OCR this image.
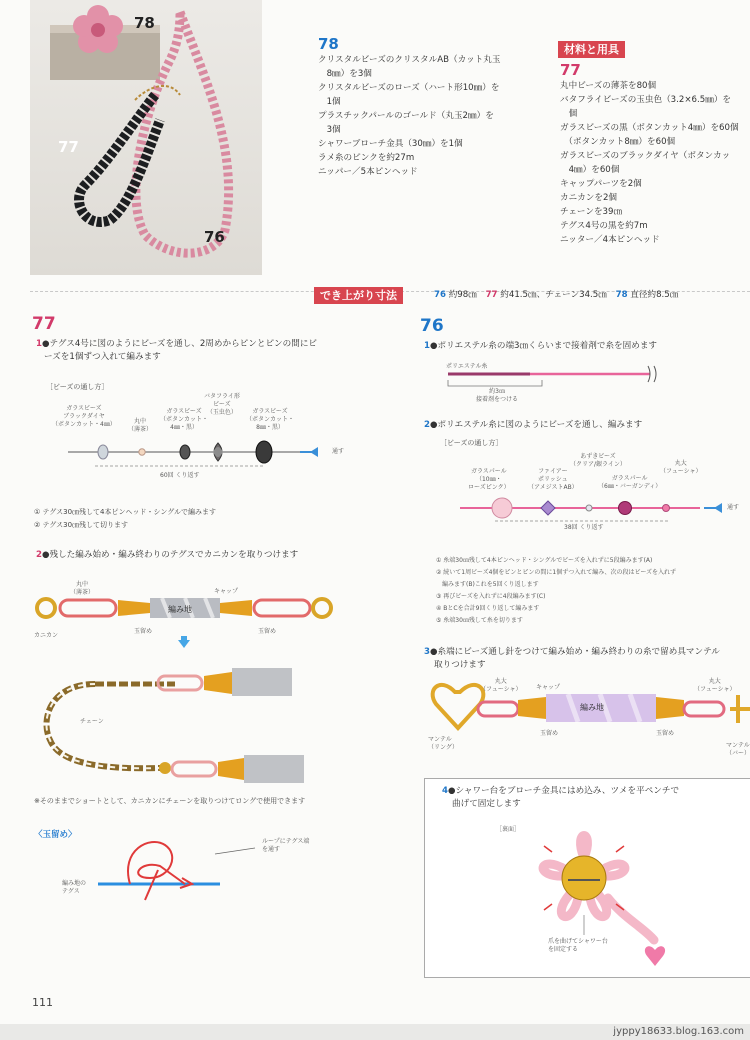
78
77
76
78
クリスタルビーズのクリスタルAB（カット丸玉
　8㎜）を3個
クリスタルビーズのローズ（ハート形10㎜）を
　1個
プラスチックパールのゴールド（丸玉2㎜）を
　3個
シャワーブローチ金具（30㎜）を1個
ラメ糸のピンクを約27m
ニッパー／5本ピンヘッド
材料と用具
77
丸中ビーズの薄茶を80個
バタフライビーズの玉虫色（3.2×6.5㎜）を
　個
ガラスビーズの黒（ボタンカット4㎜）を60個
　（ボタンカット8㎜）を60個
ガラスビーズのブラックダイヤ（ボタンカッ
　4㎜）を60個
キャップパーツを2個
カニカンを2個
チェーンを39㎝
テグス4号の黒を約7m
ニッター／4本ピンヘッド
でき上がり寸法	76 約98㎝ 77 約41.5㎝、チェーン34.5㎝ 78 直径約8.5㎝
77
1●テグス4号に図のようにビーズを通し、2周めからピンとピンの間にビ
ーズを1個ずつ入れて編みます
［ビーズの通し方］
ガラスビーズ
ブラックダイヤ
（ボタンカット・4㎜）	丸中
（薄茶）
ガラスビーズ
（ボタンカット・
4㎜・黒）
バタフライ形
ビーズ
（玉虫色）	ガラスビーズ
（ボタンカット・
8㎜・黒）
通す
60回 くり返す
① テグス30㎝残して4本ピンヘッド・シングルで編みます
② テグス30㎝残して切ります
2●残した編み始め・編み終わりのテグスでカニカンを取りつけます
丸中
（薄茶）	キャップ
編み地
玉留め	玉留め
カニカン
チェーン
※そのままでショートとして、カニカンにチェーンを取りつけてロングで使用できます
〈玉留め〉
ループにテグス端
を通す
編み地の
テグス
76
1●ポリエステル糸の端3㎝くらいまで接着剤で糸を固めます
ポリエステル糸
約3㎝
接着剤をつける
2●ポリエステル糸に図のようにビーズを通し、編みます
［ビーズの通し方］
ガラスパール
（10㎜・
ローズピンク）
ファイアー
ポリッシュ
（アメジストAB）
あずきビーズ
（クリア/銀ライン）
ガラスパール
（6㎜・バーガンディ）
丸大
（フューシャ）
通す
38回 くり返す
① 糸端30㎝残して4本ピンヘッド・シングルでビーズを入れずに5段編みます(A)
② 続いて1周ビーズ4個をピンとピンの間に1個ずつ入れて編み、次の段はビーズを入れず
　編みます(B)これを5回くり返します
③ 再びビーズを入れずに4段編みます(C)
④ BとCを合計9回くり返して編みます
⑤ 糸端30㎝残して糸を切ります
3●糸端にビーズ通し針をつけて編み始め・編み終わりの糸で留め具マンテル
取りつけます
丸大
（フューシャ） キャップ
編み地
玉留め	玉留め
丸大
（フューシャ）
マンテル
（リング）	マンテル
（バー）
4●シャワー台をブローチ金具にはめ込み、ツメを平ペンチで
曲げて固定します
［裏面］
爪を曲げてシャワー台
を固定する
111
jyppy18633.blog.163.com
